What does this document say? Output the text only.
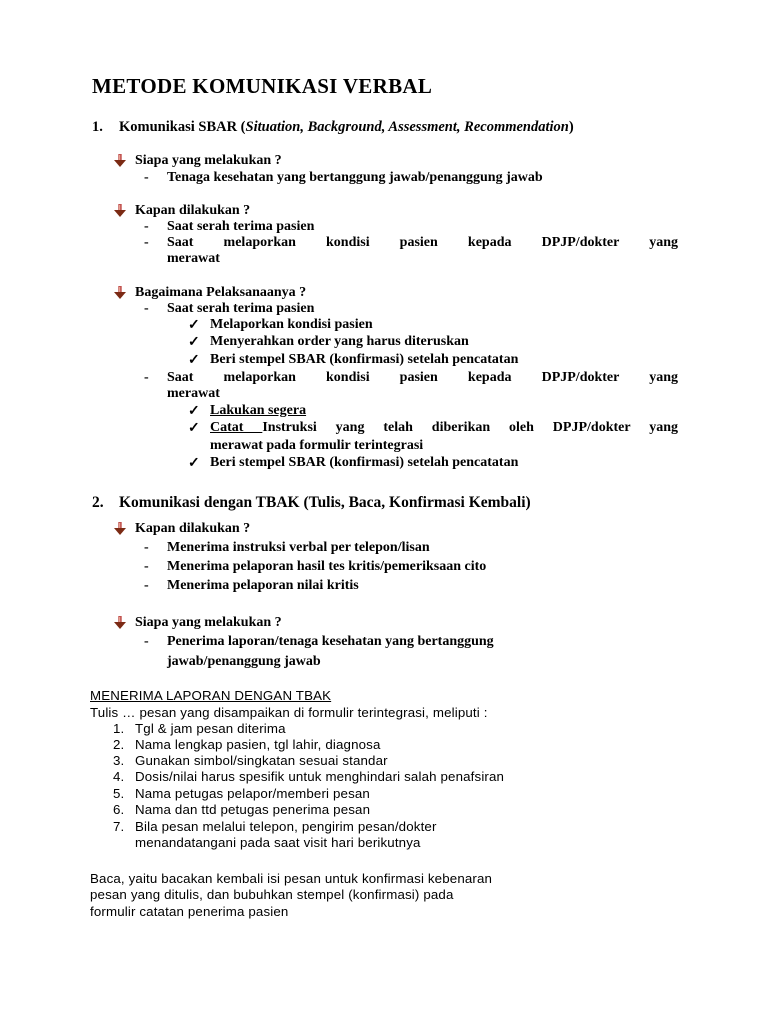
METODE KOMUNIKASI VERBAL
1. Komunikasi SBAR (Situation, Background, Assessment, Recommendation)
Siapa yang melakukan ?
-	Tenaga kesehatan yang bertanggung jawab/penanggung jawab
Kapan dilakukan ?
-	Saat serah terima pasien
-	Saat melaporkan kondisi pasien kepada DPJP/dokter yang
merawat
Bagaimana Pelaksanaanya ?
-	Saat serah terima pasien
✓ Melaporkan kondisi pasien
✓ Menyerahkan order yang harus diteruskan
✓ Beri stempel SBAR (konfirmasi) setelah pencatatan
-	Saat melaporkan kondisi pasien kepada DPJP/dokter yang
merawat
✓ Lakukan segera
✓ Catat Instruksi yang telah diberikan oleh DPJP/dokter yang
merawat pada formulir terintegrasi
✓ Beri stempel SBAR (konfirmasi) setelah pencatatan
2. Komunikasi dengan TBAK (Tulis, Baca, Konfirmasi Kembali)
Kapan dilakukan ?
-	Menerima instruksi verbal per telepon/lisan
-	Menerima pelaporan hasil tes kritis/pemeriksaan cito
-	Menerima pelaporan nilai kritis
Siapa yang melakukan ?
-	Penerima laporan/tenaga kesehatan yang bertanggung
jawab/penanggung jawab
MENERIMA LAPORAN DENGAN TBAK
Tulis … pesan yang disampaikan di formulir terintegrasi, meliputi :
1. Tgl & jam pesan diterima
2. Nama lengkap pasien, tgl lahir, diagnosa
3. Gunakan simbol/singkatan sesuai standar
4. Dosis/nilai harus spesifik untuk menghindari salah penafsiran
5. Nama petugas pelapor/memberi pesan
6. Nama dan ttd petugas penerima pesan
7. Bila pesan melalui telepon, pengirim pesan/dokter
menandatangani pada saat visit hari berikutnya
Baca, yaitu bacakan kembali isi pesan untuk konfirmasi kebenaran
pesan yang ditulis, dan bubuhkan stempel (konfirmasi) pada
formulir catatan penerima pasien
